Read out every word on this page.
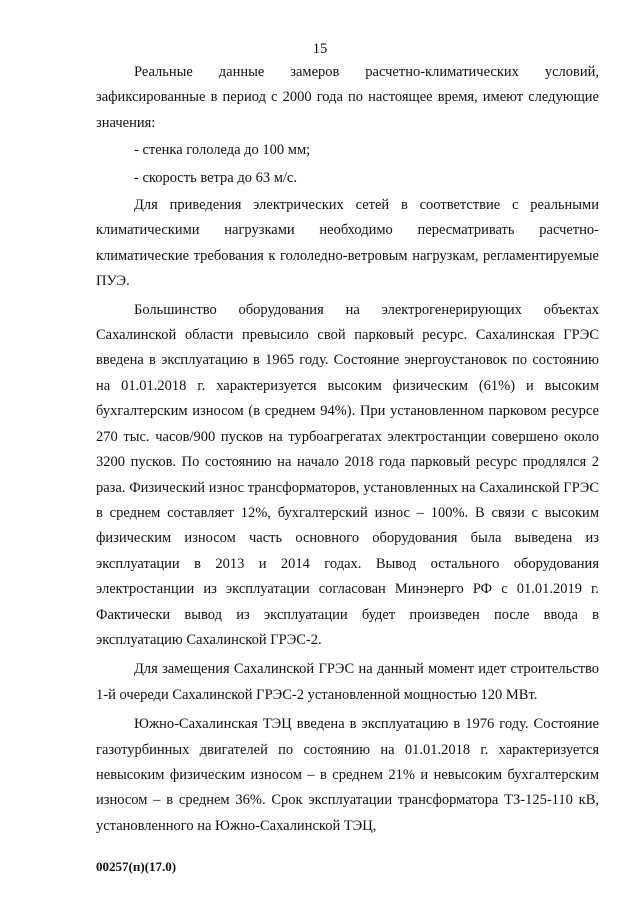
15

Реальные данные замеров расчетно-климатических условий, зафиксированные в период с 2000 года по настоящее время, имеют следующие значения:

- стенка гололеда до 100 мм;

- скорость ветра до 63 м/с.

Для приведения электрических сетей в соответствие с реальными климатическими нагрузками необходимо пересматривать расчетно-климатические требования к гололедно-ветровым нагрузкам, регламентируемые ПУЭ.

Большинство оборудования на электрогенерирующих объектах Сахалинской области превысило свой парковый ресурс. Сахалинская ГРЭС введена в эксплуатацию в 1965 году. Состояние энергоустановок по состоянию на 01.01.2018 г. характеризуется высоким физическим (61%) и высоким бухгалтерским износом (в среднем 94%). При установленном парковом ресурсе 270 тыс. часов/900 пусков на турбоагрегатах электростанции совершено около 3200 пусков. По состоянию на начало 2018 года парковый ресурс продлялся 2 раза. Физический износ трансформаторов, установленных на Сахалинской ГРЭС в среднем составляет 12%, бухгалтерский износ – 100%. В связи с высоким физическим износом часть основного оборудования была выведена из эксплуатации в 2013 и 2014 годах. Вывод остального оборудования электростанции из эксплуатации согласован Минэнерго РФ с 01.01.2019 г. Фактически вывод из эксплуатации будет произведен после ввода в эксплуатацию Сахалинской ГРЭС-2.

Для замещения Сахалинской ГРЭС на данный момент идет строительство 1-й очереди Сахалинской ГРЭС-2 установленной мощностью 120 МВт.

Южно-Сахалинская ТЭЦ введена в эксплуатацию в 1976 году. Состояние газотурбинных двигателей по состоянию на 01.01.2018 г. характеризуется невысоким физическим износом – в среднем 21% и невысоким бухгалтерским износом – в среднем 36%. Срок эксплуатации трансформатора ТЗ-125-110 кВ, установленного на Южно-Сахалинской ТЭЦ,

00257(п)(17.0)
